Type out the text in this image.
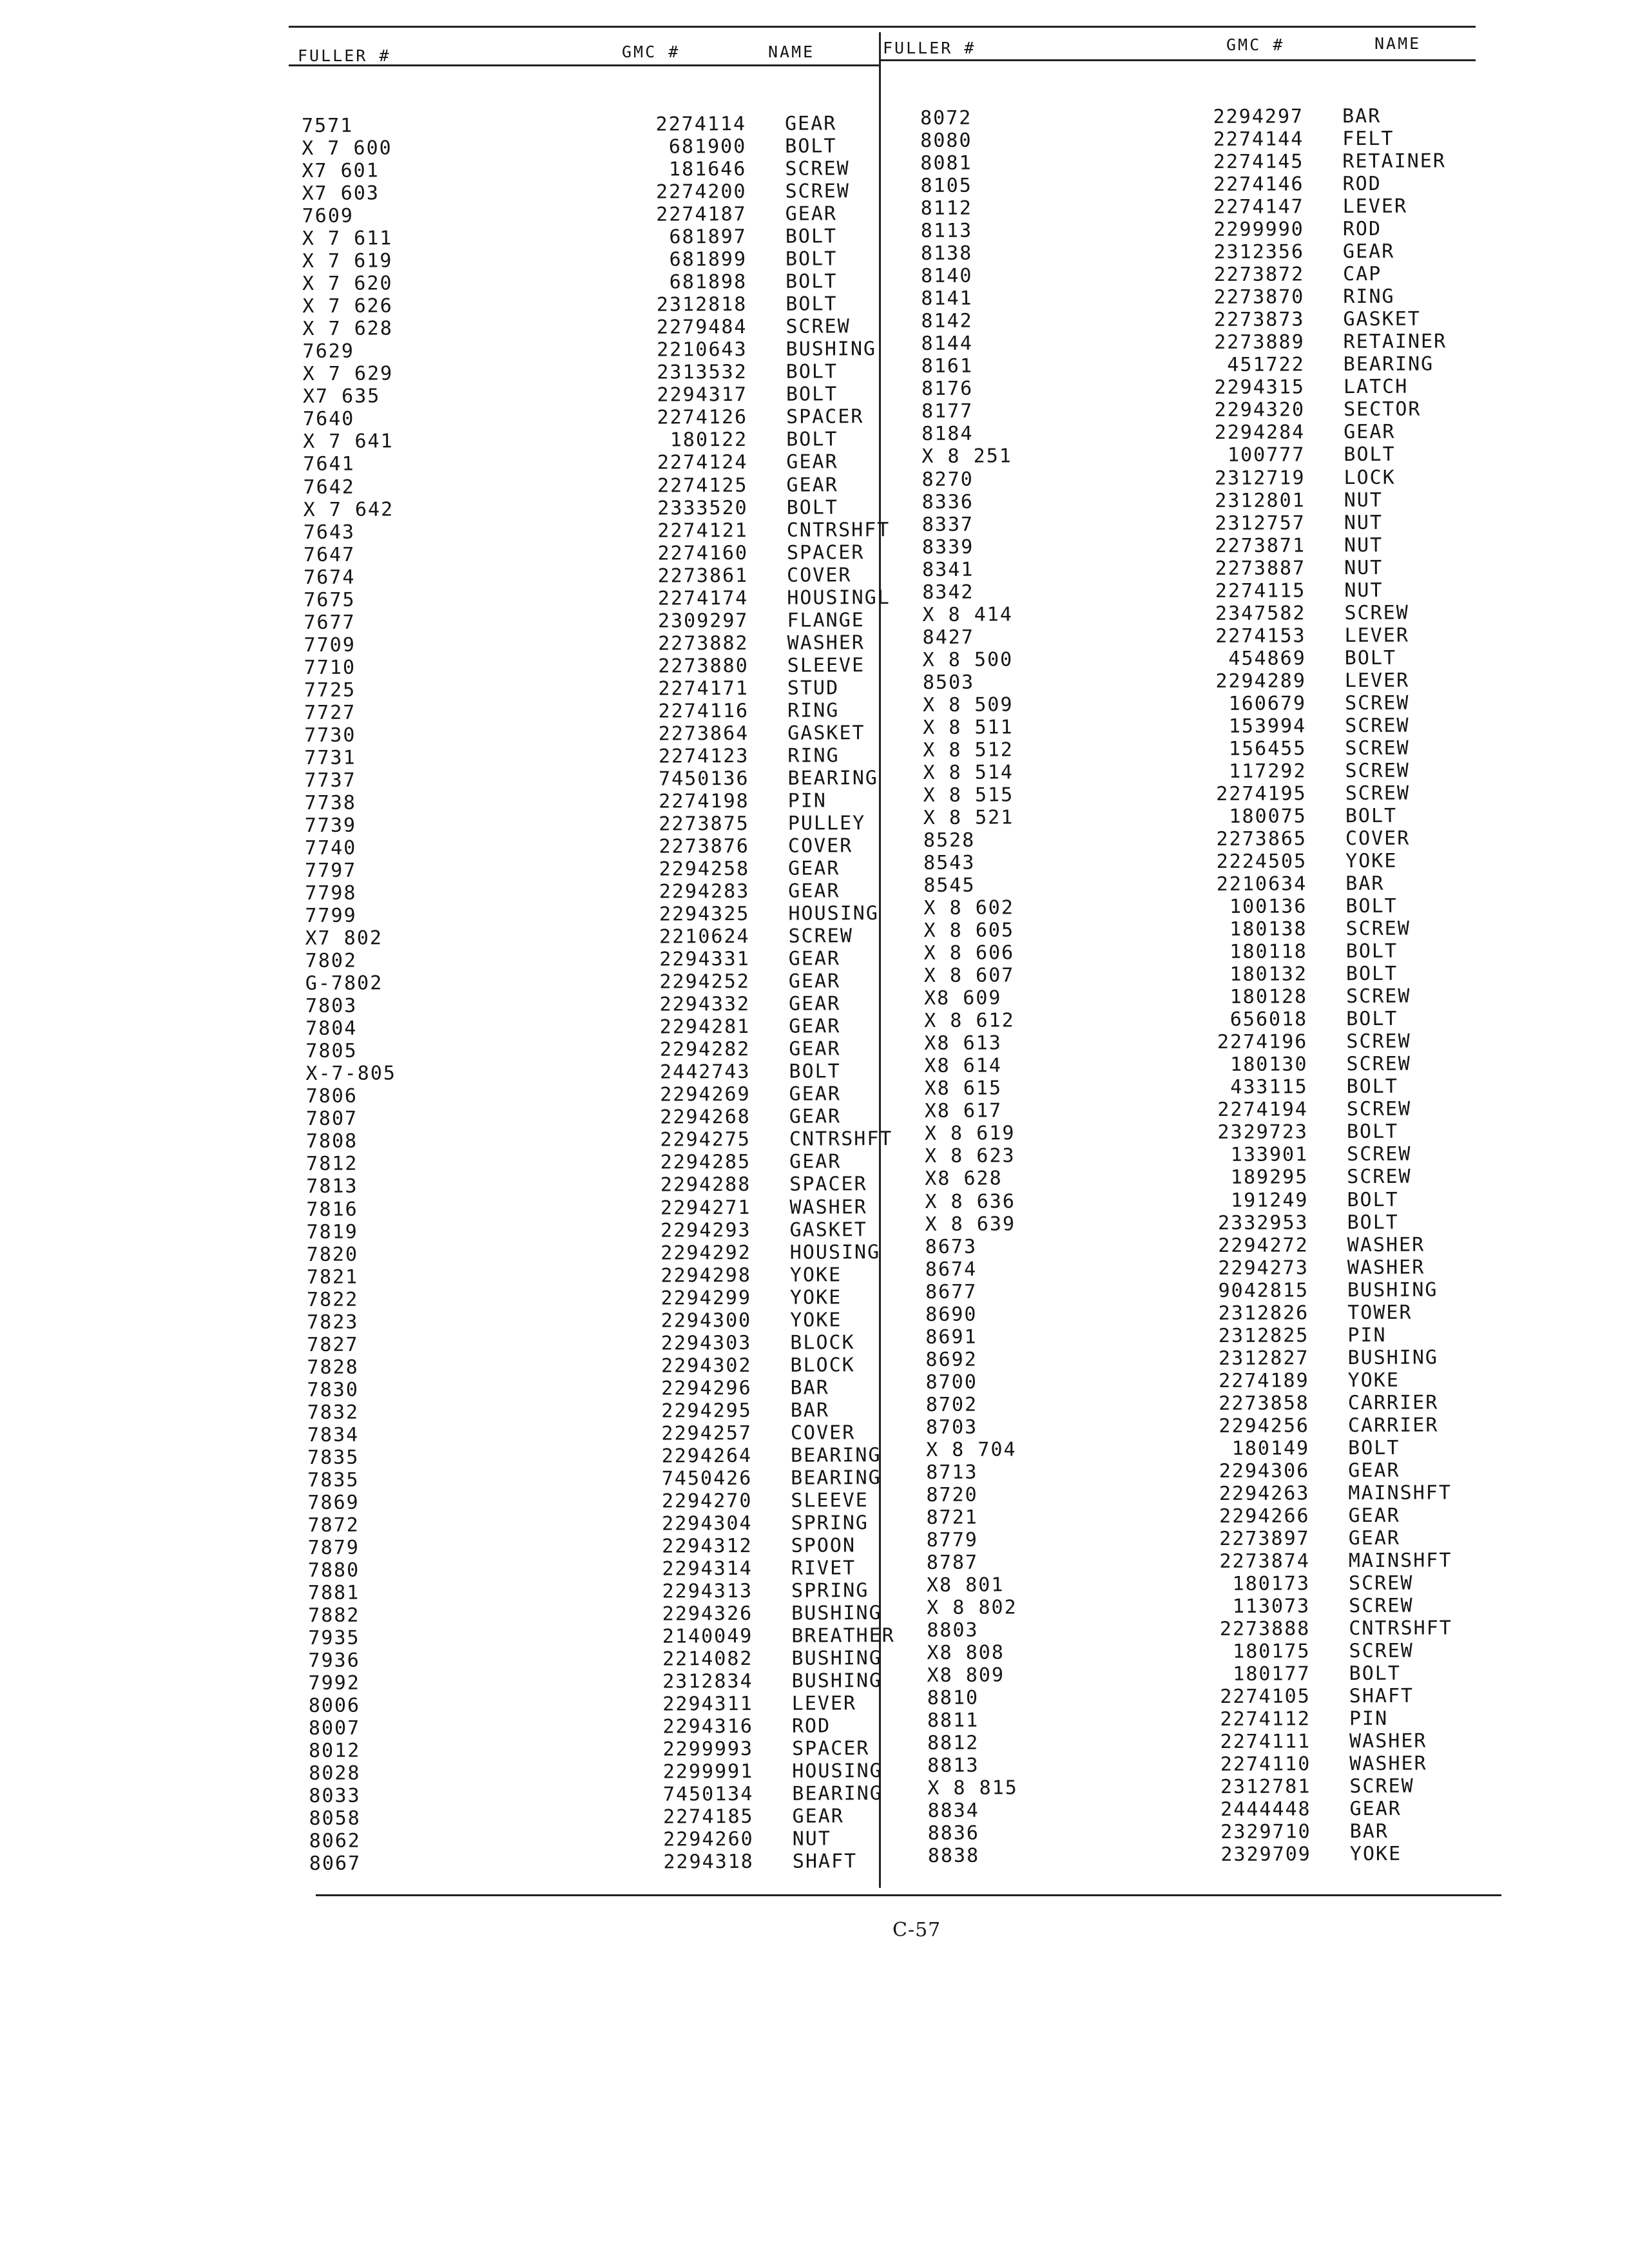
FULLER #	GMC #	NAME	FULLER #	GMC #	NAME
7571	2274114 GEAR
X 7 600	681900 BOLT
X7 601	181646 SCREW
X7 603	2274200 SCREW
7609	2274187 GEAR
X 7 611	681897 BOLT
X 7 619	681899 BOLT
X 7 620	681898 BOLT
X 7 626	2312818 BOLT
X 7 628	2279484 SCREW
7629	2210643 BUSHING
X 7 629	2313532 BOLT
X7 635	2294317 BOLT
7640	2274126 SPACER
X 7 641	180122 BOLT
7641	2274124 GEAR
7642	2274125 GEAR
X 7 642	2333520 BOLT
7643	2274121 CNTRSHFT
7647	2274160 SPACER
7674	2273861 COVER
7675	2274174 HOUSINGL
7677	2309297 FLANGE
7709	2273882 WASHER
7710	2273880 SLEEVE
7725	2274171 STUD
7727	2274116 RING
7730	2273864 GASKET
7731	2274123 RING
7737	7450136 BEARING
7738	2274198 PIN
7739	2273875 PULLEY
7740	2273876 COVER
7797	2294258 GEAR
7798	2294283 GEAR
7799	2294325 HOUSING
X7 802	2210624 SCREW
7802	2294331 GEAR
G-7802	2294252 GEAR
7803	2294332 GEAR
7804	2294281 GEAR
7805	2294282 GEAR
X-7-805	2442743 BOLT
7806	2294269 GEAR
7807	2294268 GEAR
7808	2294275 CNTRSHFT
7812	2294285 GEAR
7813	2294288 SPACER
7816	2294271 WASHER
7819	2294293 GASKET
7820	2294292 HOUSING
7821	2294298 YOKE
7822	2294299 YOKE
7823	2294300 YOKE
7827	2294303 BLOCK
7828	2294302 BLOCK
7830	2294296 BAR
7832	2294295 BAR
7834	2294257 COVER
7835	2294264 BEARING
7835	7450426 BEARING
7869	2294270 SLEEVE
7872	2294304 SPRING
7879	2294312 SPOON
7880	2294314 RIVET
7881	2294313 SPRING
7882	2294326 BUSHING
7935	2140049 BREATHER
7936	2214082 BUSHING
7992	2312834 BUSHING
8006	2294311 LEVER
8007	2294316 ROD
8012	2299993 SPACER
8028	2299991 HOUSING
8033	7450134 BEARING
8058	2274185 GEAR
8062	2294260 NUT
8067	2294318 SHAFT
8072	2294297 BAR
8080	2274144 FELT
8081	2274145 RETAINER
8105	2274146 ROD
8112	2274147 LEVER
8113	2299990 ROD
8138	2312356 GEAR
8140	2273872 CAP
8141	2273870 RING
8142	2273873 GASKET
8144	2273889 RETAINER
8161	451722 BEARING
8176	2294315 LATCH
8177	2294320 SECTOR
8184	2294284 GEAR
X 8 251	100777 BOLT
8270	2312719 LOCK
8336	2312801 NUT
8337	2312757 NUT
8339	2273871 NUT
8341	2273887 NUT
8342	2274115 NUT
X 8 414	2347582 SCREW
8427	2274153 LEVER
X 8 500	454869 BOLT
8503	2294289 LEVER
X 8 509	160679 SCREW
X 8 511	153994 SCREW
X 8 512	156455 SCREW
X 8 514	117292 SCREW
X 8 515	2274195 SCREW
X 8 521	180075 BOLT
8528	2273865 COVER
8543	2224505 YOKE
8545	2210634 BAR
X 8 602	100136 BOLT
X 8 605	180138 SCREW
X 8 606	180118 BOLT
X 8 607	180132 BOLT
X8 609	180128 SCREW
X 8 612	656018 BOLT
X8 613	2274196 SCREW
X8 614	180130 SCREW
X8 615	433115 BOLT
X8 617	2274194 SCREW
X 8 619	2329723 BOLT
X 8 623	133901 SCREW
X8 628	189295 SCREW
X 8 636	191249 BOLT
X 8 639	2332953 BOLT
8673	2294272 WASHER
8674	2294273 WASHER
8677	9042815 BUSHING
8690	2312826 TOWER
8691	2312825 PIN
8692	2312827 BUSHING
8700	2274189 YOKE
8702	2273858 CARRIER
8703	2294256 CARRIER
X 8 704	180149 BOLT
8713	2294306 GEAR
8720	2294263 MAINSHFT
8721	2294266 GEAR
8779	2273897 GEAR
8787	2273874 MAINSHFT
X8 801	180173 SCREW
X 8 802	113073 SCREW
8803	2273888 CNTRSHFT
X8 808	180175 SCREW
X8 809	180177 BOLT
8810	2274105 SHAFT
8811	2274112 PIN
8812	2274111 WASHER
8813	2274110 WASHER
X 8 815	2312781 SCREW
8834	2444448 GEAR
8836	2329710 BAR
8838	2329709 YOKE
C-57
